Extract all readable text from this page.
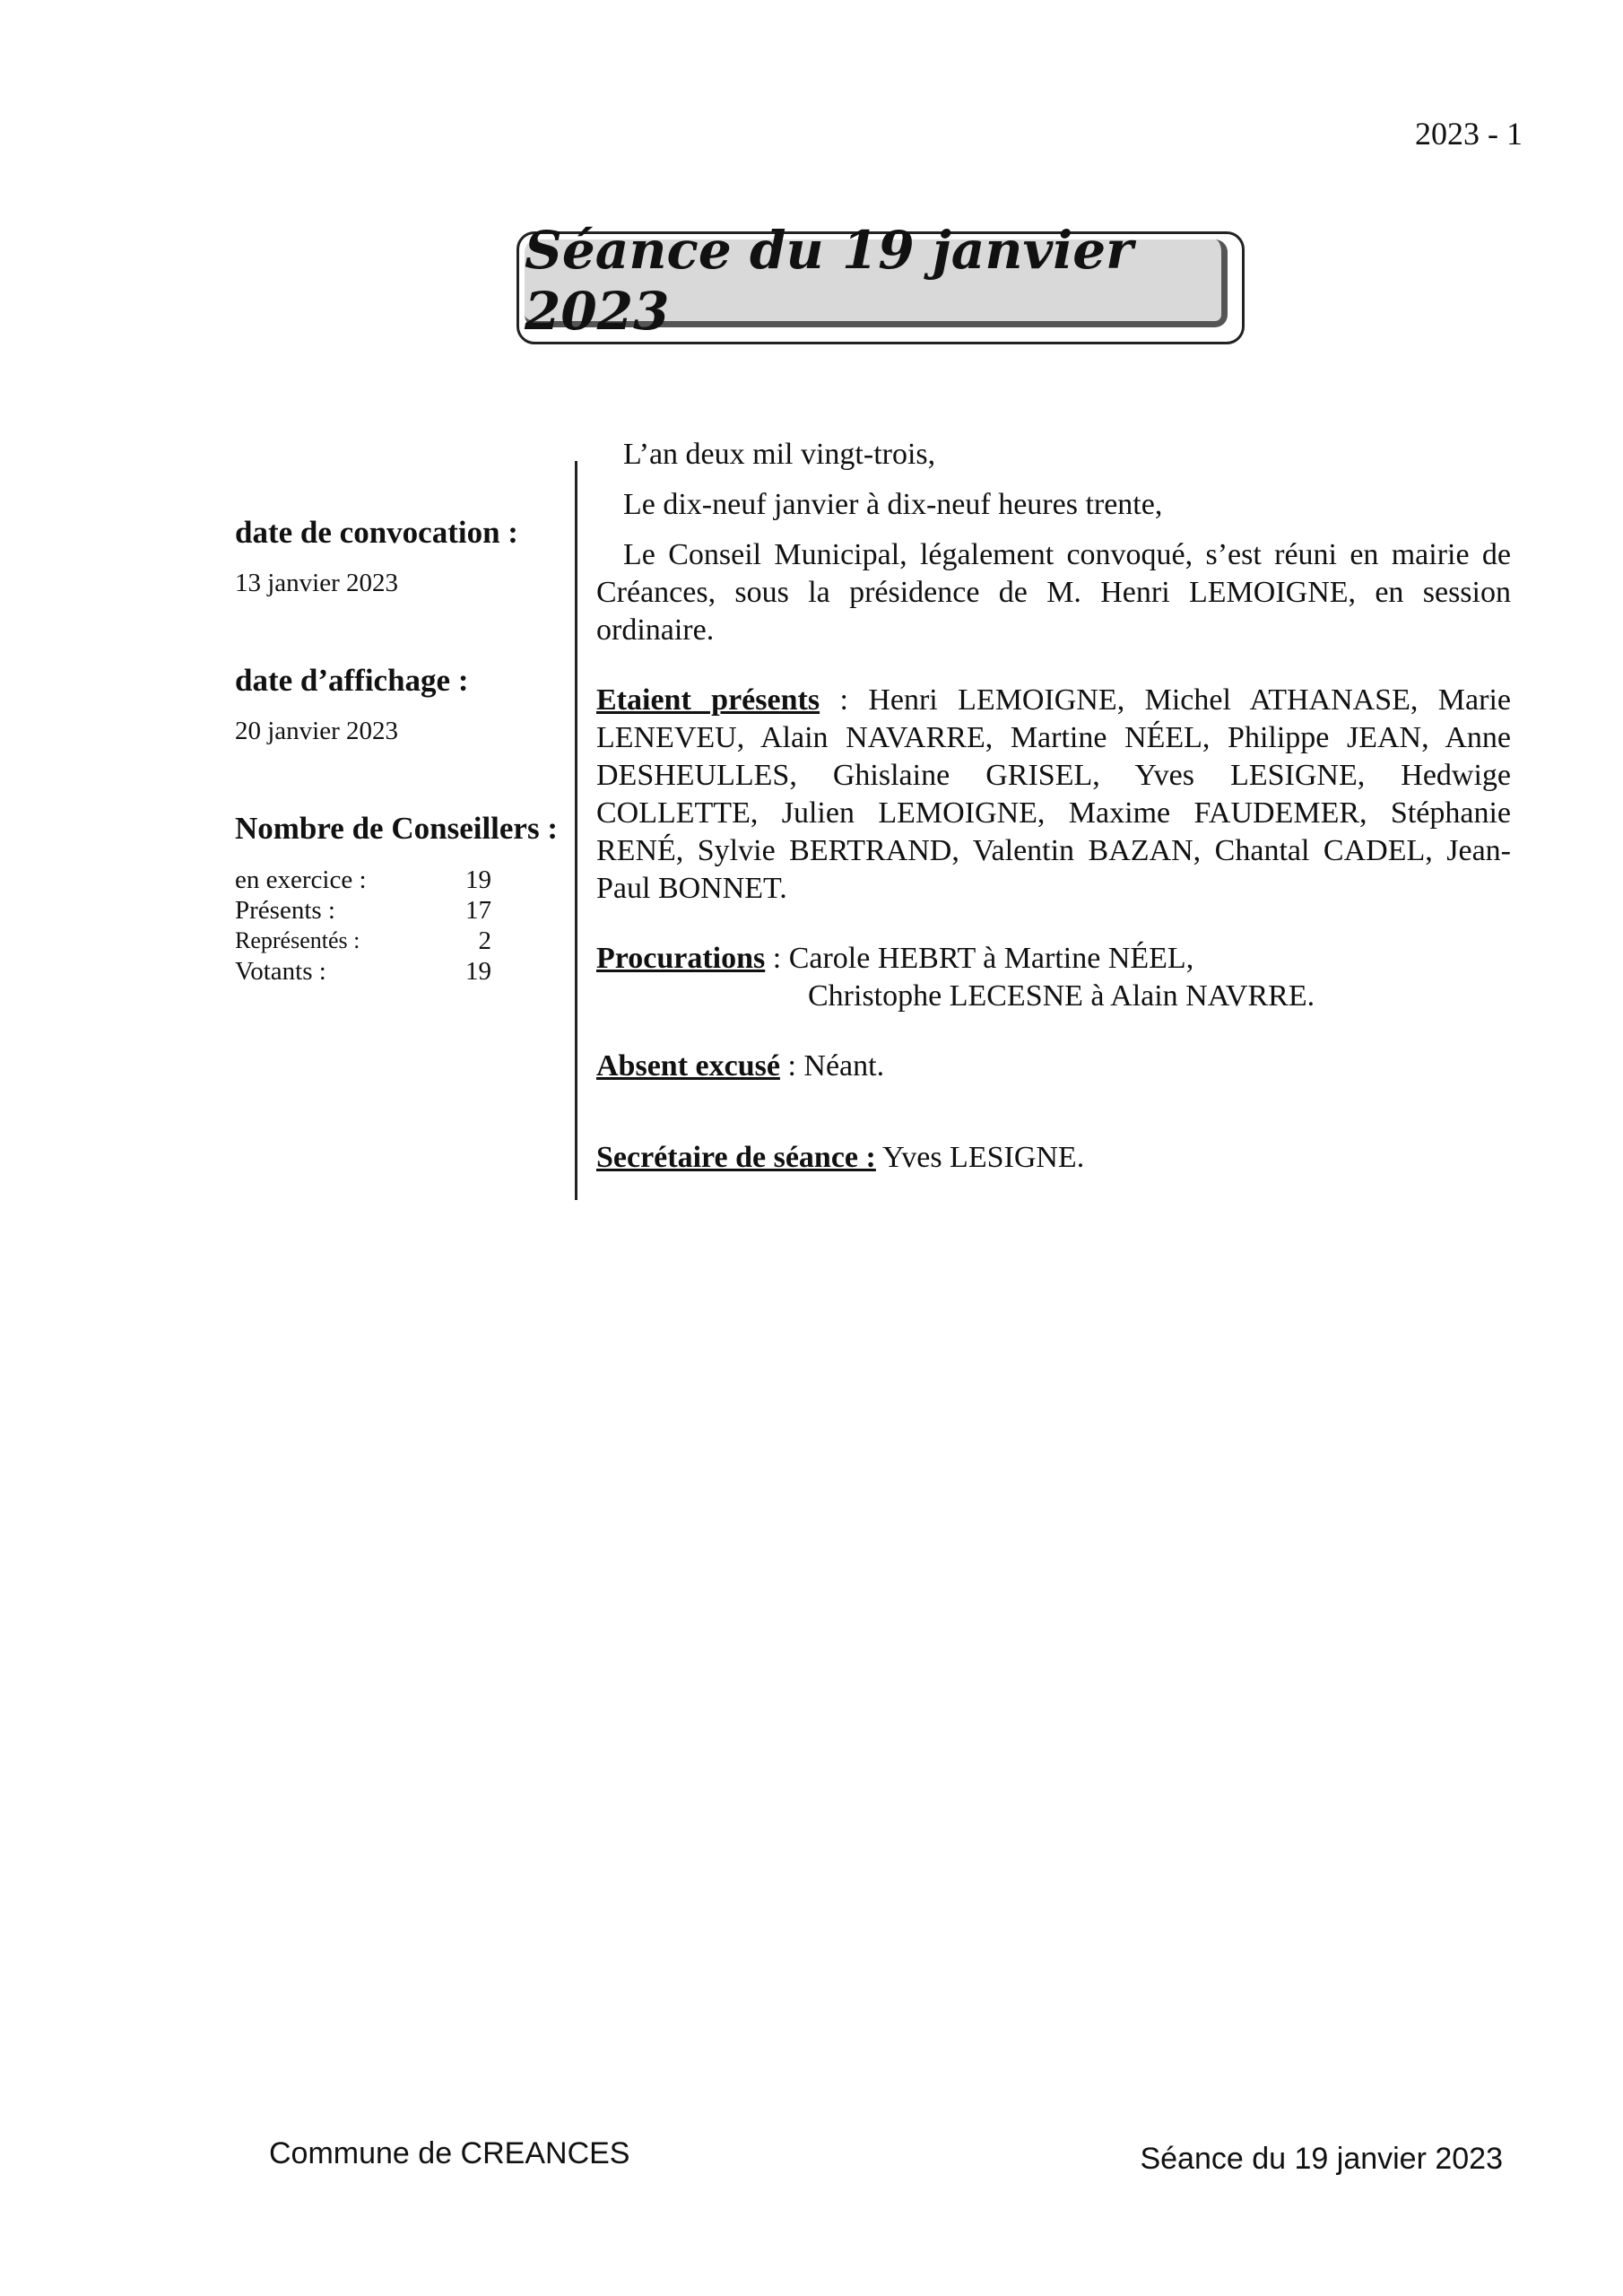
2023 - 1
Séance du 19 janvier 2023
date de convocation :
13 janvier 2023
date d’affichage :
20 janvier 2023
Nombre de Conseillers :
en exercice :	19
Présents :	17
Représentés :	2
Votants :	19

L’an deux mil vingt-trois,

Le dix-neuf janvier à dix-neuf heures trente,

Le Conseil Municipal, légalement convoqué, s’est réuni en mairie de Créances, sous la présidence de M. Henri LEMOIGNE, en session ordinaire.

Etaient présents : Henri LEMOIGNE, Michel ATHANASE, Marie LENEVEU, Alain NAVARRE, Martine NÉEL, Philippe JEAN, Anne DESHEULLES, Ghislaine GRISEL, Yves LESIGNE, Hedwige COLLETTE, Julien LEMOIGNE, Maxime FAUDEMER, Stéphanie RENÉ, Sylvie BERTRAND, Valentin BAZAN, Chantal CADEL, Jean-Paul BONNET.

Procurations : Carole HEBRT à Martine NÉEL,
Christophe LECESNE à Alain NAVRRE.

Absent excusé : Néant.

Secrétaire de séance : Yves LESIGNE.

Commune de CREANCES	Séance du 19 janvier 2023
